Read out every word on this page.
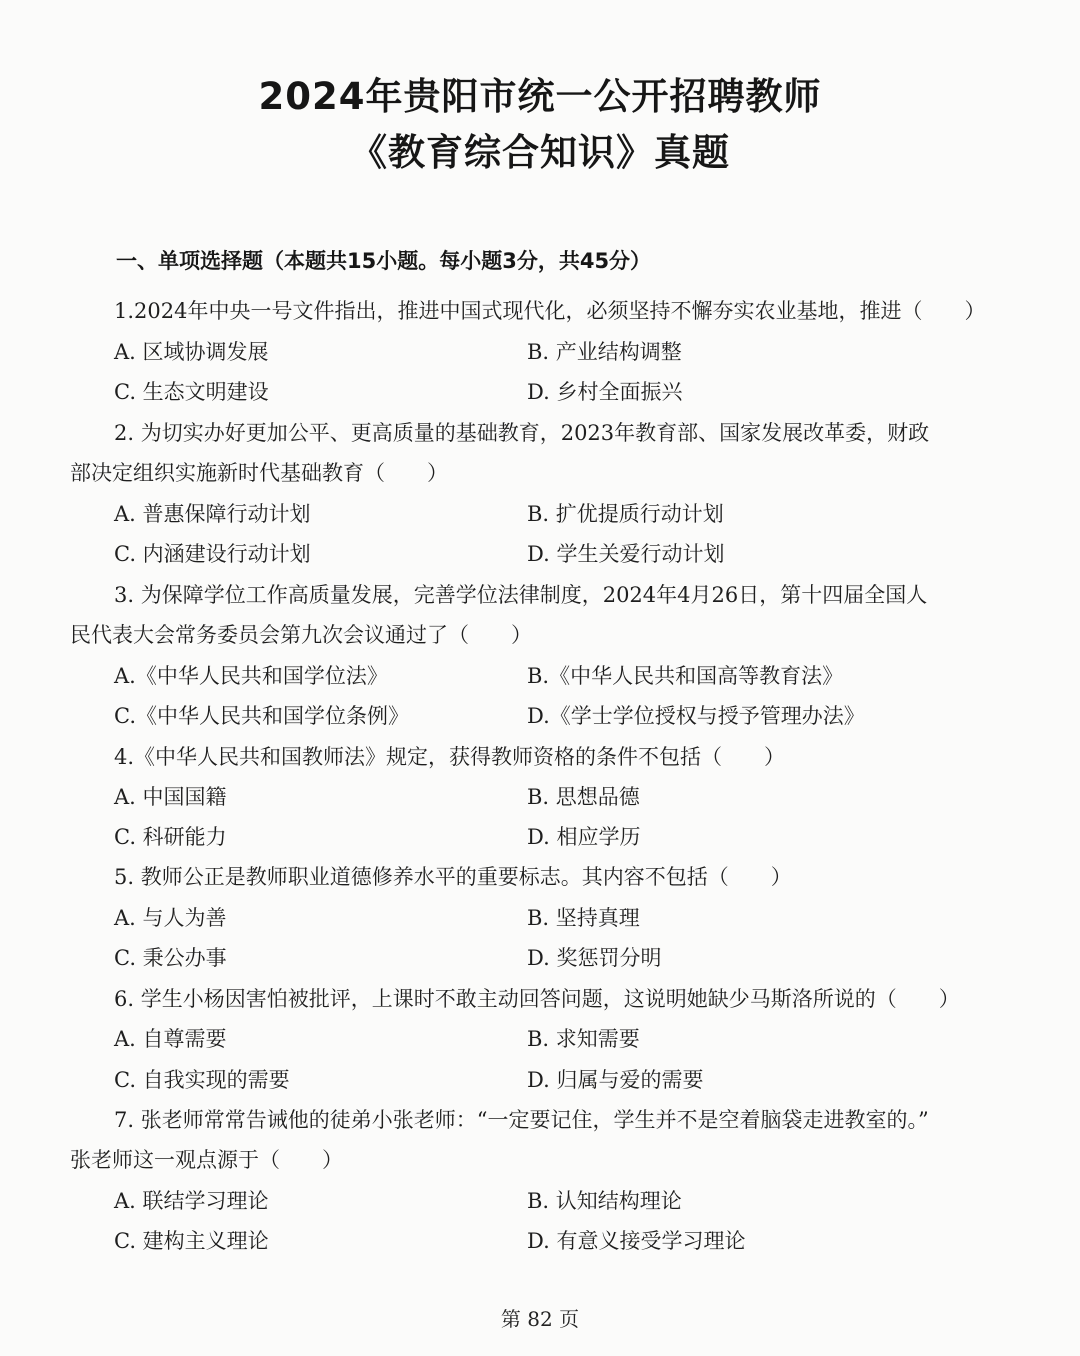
2024年贵阳市统一公开招聘教师
《教育综合知识》真题
一、单项选择题（本题共15小题。每小题3分，共45分）
1.2024年中央一号文件指出，推进中国式现代化，必须坚持不懈夯实农业基地，推进（　　）
A. 区域协调发展	B. 产业结构调整
C. 生态文明建设	D. 乡村全面振兴
2. 为切实办好更加公平、更高质量的基础教育，2023年教育部、国家发展改革委，财政
部决定组织实施新时代基础教育（　　）
A. 普惠保障行动计划	B. 扩优提质行动计划
C. 内涵建设行动计划	D. 学生关爱行动计划
3. 为保障学位工作高质量发展，完善学位法律制度，2024年4月26日，第十四届全国人
民代表大会常务委员会第九次会议通过了（　　）
A.《中华人民共和国学位法》	B.《中华人民共和国高等教育法》
C.《中华人民共和国学位条例》	D.《学士学位授权与授予管理办法》
4.《中华人民共和国教师法》规定，获得教师资格的条件不包括（　　）
A. 中国国籍	B. 思想品德
C. 科研能力	D. 相应学历
5. 教师公正是教师职业道德修养水平的重要标志。其内容不包括（　　）
A. 与人为善	B. 坚持真理
C. 秉公办事	D. 奖惩罚分明
6. 学生小杨因害怕被批评，上课时不敢主动回答问题，这说明她缺少马斯洛所说的（　　）
A. 自尊需要	B. 求知需要
C. 自我实现的需要	D. 归属与爱的需要
7. 张老师常常告诫他的徒弟小张老师：“一定要记住，学生并不是空着脑袋走进教室的。”
张老师这一观点源于（　　）
A. 联结学习理论	B. 认知结构理论
C. 建构主义理论	D. 有意义接受学习理论
第 82 页
